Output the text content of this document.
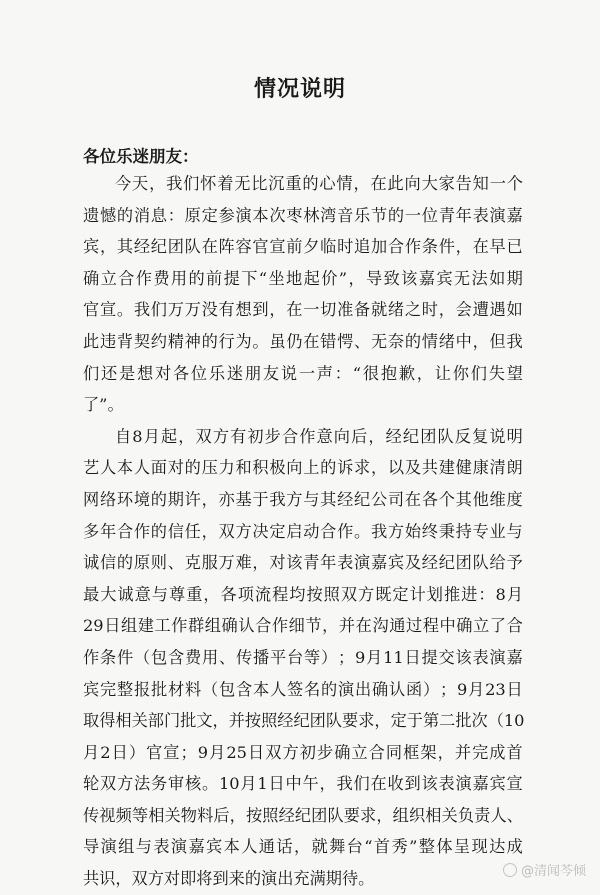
情况说明
各位乐迷朋友：
今 天 ， 我 们 怀 着 无 比 沉 重 的 心 情 ， 在 此 向 大 家 告 知 一 个
遗 憾 的 消 息 ： 原 定 参 演 本 次 枣 林 湾 音 乐 节 的 一 位 青 年 表 演 嘉
宾 ， 其 经 纪 团 队 在 阵 容 官 宣 前 夕 临 时 追 加 合 作 条 件 ， 在 早 已
确 立 合 作 费 用 的 前 提 下 “ 坐 地 起 价 ” ， 导 致 该 嘉 宾 无 法 如 期
官 宣 。 我 们 万 万 没 有 想 到 ， 在 一 切 准 备 就 绪 之 时 ， 会 遭 遇 如
此 违 背 契 约 精 神 的 行 为 。 虽 仍 在 错 愕 、 无 奈 的 情 绪 中 ， 但 我
们 还 是 想 对 各 位 乐 迷 朋 友 说 一 声 ： “ 很 抱 歉 ， 让 你 们 失 望
了”。
自 8 月 起 ， 双 方 有 初 步 合 作 意 向 后 ， 经 纪 团 队 反 复 说 明
艺 人 本 人 面 对 的 压 力 和 积 极 向 上 的 诉 求 ， 以 及 共 建 健 康 清 朗
网 络 环 境 的 期 许 ， 亦 基 于 我 方 与 其 经 纪 公 司 在 各 个 其 他 维 度
多 年 合 作 的 信 任 ， 双 方 决 定 启 动 合 作 。 我 方 始 终 秉 持 专 业 与
诚 信 的 原 则 、 克 服 万 难 ， 对 该 青 年 表 演 嘉 宾 及 经 纪 团 队 给 予
最 大 诚 意 与 尊 重 ， 各 项 流 程 均 按 照 双 方 既 定 计 划 推 进 ： 8 月
29 日 组 建 工 作 群 组 确 认 合 作 细 节 ， 并 在 沟 通 过 程 中 确 立 了 合
作 条 件 （ 包 含 费 用 、 传 播 平 台 等 ） ； 9 月 11 日 提 交 该 表 演 嘉
宾 完 整 报 批 材 料 （ 包 含 本 人 签 名 的 演 出 确 认 函 ） ； 9 月 23 日
取 得 相 关 部 门 批 文 ， 并 按 照 经 纪 团 队 要 求 ， 定 于 第 二 批 次 （ 10
月 2 日 ） 官 宣 ； 9 月 25 日 双 方 初 步 确 立 合 同 框 架 ， 并 完 成 首
轮 双 方 法 务 审 核 。 10 月 1 日 中 午 ， 我 们 在 收 到 该 表 演 嘉 宾 宣
传 视 频 等 相 关 物 料 后 ， 按 照 经 纪 团 队 要 求 ， 组 织 相 关 负 责 人 、
导 演 组 与 表 演 嘉 宾 本 人 通 话 ， 就 舞 台 “ 首 秀 ” 整 体 呈 现 达 成
共识，双方对即将到来的演出充满期待。	@清闻芩倾
